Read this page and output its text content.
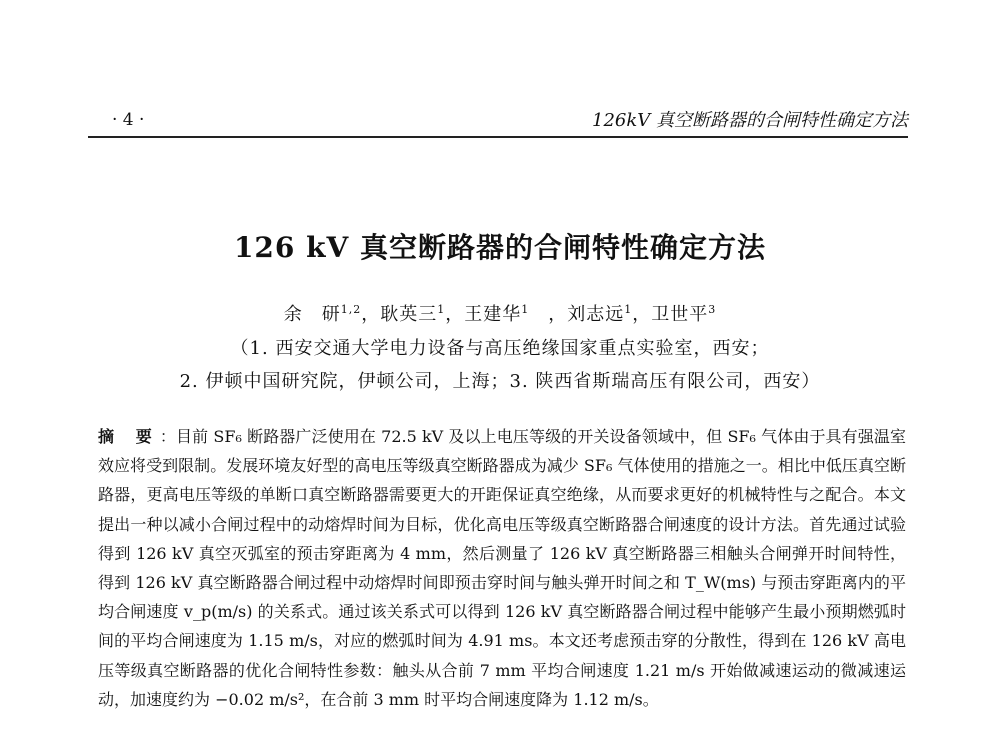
· 4 ·	126kV 真空断路器的合闸特性确定方法
126 kV 真空断路器的合闸特性确定方法
余　研$^{1,2}$，耿英三$^1$，王建华$^1$　，刘志远$^1$，卫世平$^3$
（1. 西安交通大学电力设备与高压绝缘国家重点实验室，西安；
2. 伊顿中国研究院，伊顿公司，上海；3. 陕西省斯瑞高压有限公司，西安）
摘 要：目前 SF₆ 断路器广泛使用在 72.5 kV 及以上电压等级的开关设备领域中，但 SF₆ 气体由于具有强温室效应将受到限制。发展环境友好型的高电压等级真空断路器成为减少 SF₆ 气体使用的措施之一。相比中低压真空断路器，更高电压等级的单断口真空断路器需要更大的开距保证真空绝缘，从而要求更好的机械特性与之配合。本文提出一种以减小合闸过程中的动熔焊时间为目标，优化高电压等级真空断路器合闸速度的设计方法。首先通过试验得到 126 kV 真空灭弧室的预击穿距离为 4 mm，然后测量了 126 kV 真空断路器三相触头合闸弹开时间特性，得到 126 kV 真空断路器合闸过程中动熔焊时间即预击穿时间与触头弹开时间之和 T_W(ms) 与预击穿距离内的平均合闸速度 v_p(m/s) 的关系式。通过该关系式可以得到 126 kV 真空断路器合闸过程中能够产生最小预期燃弧时间的平均合闸速度为 1.15 m/s，对应的燃弧时间为 4.91 ms。本文还考虑预击穿的分散性，得到在 126 kV 高电压等级真空断路器的优化合闸特性参数：触头从合前 7 mm 平均合闸速度 1.21 m/s 开始做减速运动的微减速运动，加速度约为 −0.02 m/s²，在合前 3 mm 时平均合闸速度降为 1.12 m/s。
